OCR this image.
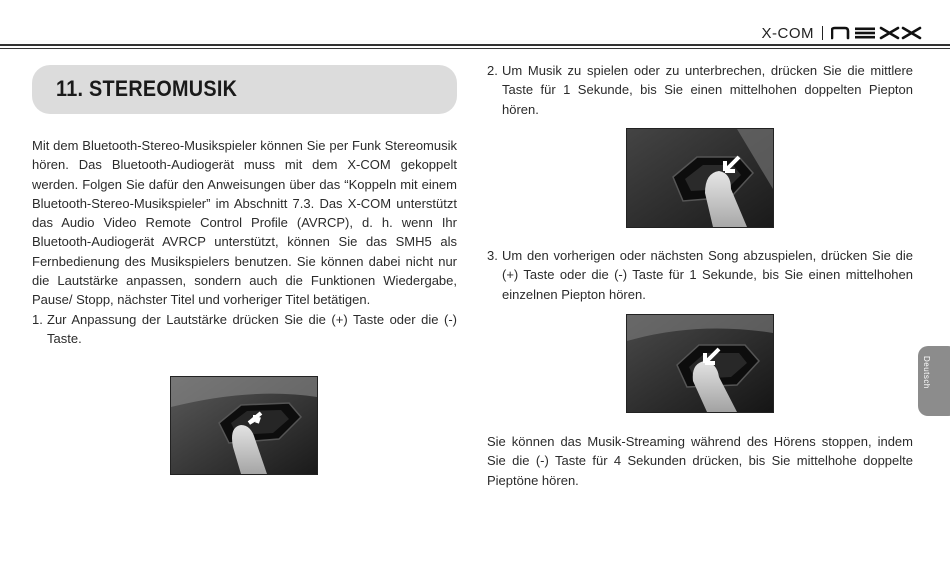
X-COM
11. STEREOMUSIK

Mit dem Bluetooth-Stereo-Musikspieler können Sie per Funk Stereomusik hören. Das Bluetooth-Audiogerät muss mit dem X-COM gekoppelt werden. Folgen Sie dafür den Anweisungen über das “Koppeln mit einem Bluetooth-Stereo-Musikspieler” im Abschnitt 7.3. Das X-COM unterstützt das Audio Video Remote Control Profile (AVRCP), d. h. wenn Ihr Bluetooth-Audiogerät AVRCP unterstützt, können Sie das SMH5 als Fernbedienung des Musikspielers benutzen. Sie können dabei nicht nur die Lautstärke anpassen, sondern auch die Funktionen Wiedergabe, Pause/ Stopp, nächster Titel und vorheriger Titel betätigen.

1. Zur Anpassung der Lautstärke drücken Sie die (+) Taste oder die (-) Taste.
2. Um Musik zu spielen oder zu unterbrechen, drücken Sie die mittlere Taste für 1 Sekunde, bis Sie einen mittelhohen doppelten Piepton hören.
3. Um den vorherigen oder nächsten Song abzuspielen, drücken Sie die (+) Taste oder die (-) Taste für 1 Sekunde, bis Sie einen mittelhohen einzelnen Piepton hören.

Sie können das Musik-Streaming während des Hörens stoppen, indem Sie die (-) Taste für 4 Sekunden drücken, bis Sie mittelhohe doppelte Pieptöne hören.

Deutsch
